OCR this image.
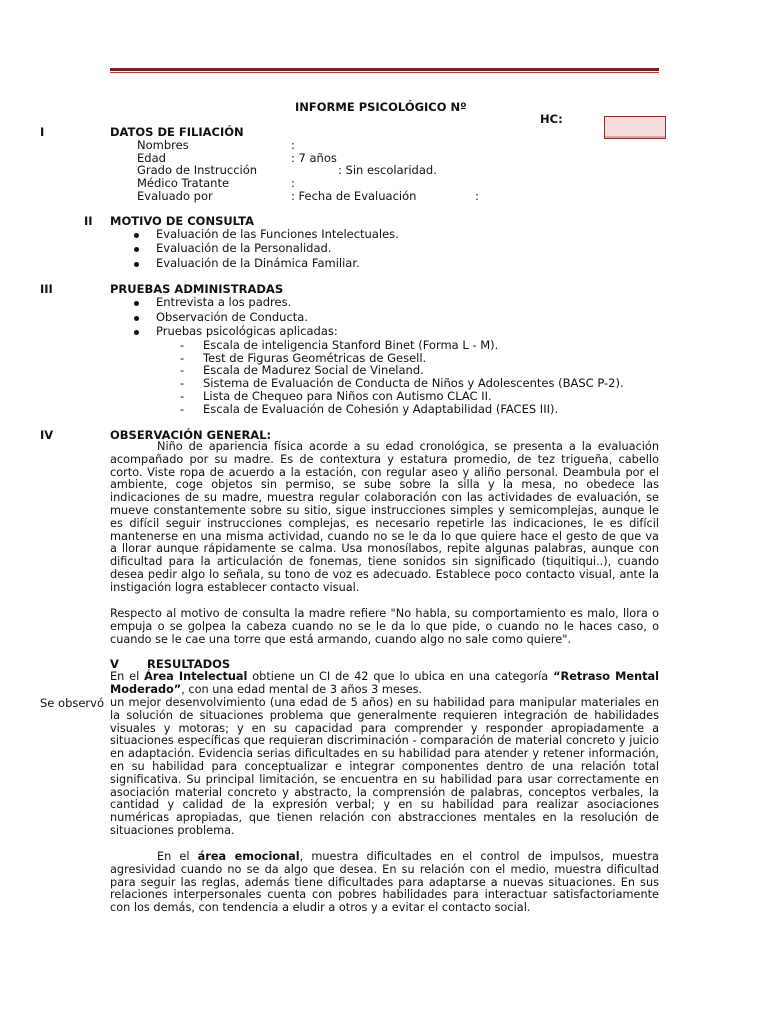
INFORME PSICOLÓGICO Nº
HC:
I	DATOS DE FILIACIÓN
Nombres	:
Edad	: 7 años
Grado de Instrucción	: Sin escolaridad.
Médico Tratante	:
Evaluado por	: Fecha de Evaluación	:
II MOTIVO DE CONSULTA
Evaluación de las Funciones Intelectuales.
Evaluación de la Personalidad.
Evaluación de la Dinámica Familiar.
III	PRUEBAS ADMINISTRADAS
Entrevista a los padres.
Observación de Conducta.
Pruebas psicológicas aplicadas:
- Escala de inteligencia Stanford Binet (Forma L - M).
- Test de Figuras Geométricas de Gesell.
- Escala de Madurez Social de Vineland.
- Sistema de Evaluación de Conducta de Niños y Adolescentes (BASC P-2).
- Lista de Chequeo para Niños con Autismo CLAC II.
- Escala de Evaluación de Cohesión y Adaptabilidad (FACES III).
IV	OBSERVACIÓN GENERAL:
Niño de apariencia física acorde a su edad cronológica, se presenta a la evaluación acompañado por su madre. Es de contextura y estatura promedio, de tez trigueña, cabello corto. Viste ropa de acuerdo a la estación, con regular aseo y aliño personal. Deambula por el ambiente, coge objetos sin permiso, se sube sobre la silla y la mesa, no obedece las indicaciones de su madre, muestra regular colaboración con las actividades de evaluación, se mueve constantemente sobre su sitio, sigue instrucciones simples y semicomplejas, aunque le es difícil seguir instrucciones complejas, es necesario repetirle las indicaciones, le es difícil mantenerse en una misma actividad, cuando no se le da lo que quiere hace el gesto de que va a llorar aunque rápidamente se calma. Usa monosílabos, repite algunas palabras, aunque con dificultad para la articulación de fonemas, tiene sonidos sin significado (tiquitiqui..), cuando desea pedir algo lo señala, su tono de voz es adecuado. Establece poco contacto visual, ante la instigación logra establecer contacto visual.
Respecto al motivo de consulta la madre refiere "No habla, su comportamiento es malo, llora o empuja o se golpea la cabeza cuando no se le da lo que pide, o cuando no le haces caso, o cuando se le cae una torre que está armando, cuando algo no sale como quiere".
V RESULTADOS
En el Área Intelectual obtiene un CI de 42 que lo ubica en una categoría “Retraso Mental Moderado”, con una edad mental de 3 años 3 meses.
Se observó un mejor desenvolvimiento (una edad de 5 años) en su habilidad para manipular materiales en la solución de situaciones problema que generalmente requieren integración de habilidades visuales y motoras; y en su capacidad para comprender y responder apropiadamente a situaciones específicas que requieran discriminación - comparación de material concreto y juicio en adaptación. Evidencia serias dificultades en su habilidad para atender y retener información, en su habilidad para conceptualizar e integrar componentes dentro de una relación total significativa. Su principal limitación, se encuentra en su habilidad para usar correctamente en asociación material concreto y abstracto, la comprensión de palabras, conceptos verbales, la cantidad y calidad de la expresión verbal; y en su habilidad para realizar asociaciones numéricas apropiadas, que tienen relación con abstracciones mentales en la resolución de situaciones problema.
En el área emocional, muestra dificultades en el control de impulsos, muestra agresividad cuando no se da algo que desea. En su relación con el medio, muestra dificultad para seguir las reglas, además tiene dificultades para adaptarse a nuevas situaciones. En sus relaciones interpersonales cuenta con pobres habilidades para interactuar satisfactoriamente con los demás, con tendencia a eludir a otros y a evitar el contacto social.
